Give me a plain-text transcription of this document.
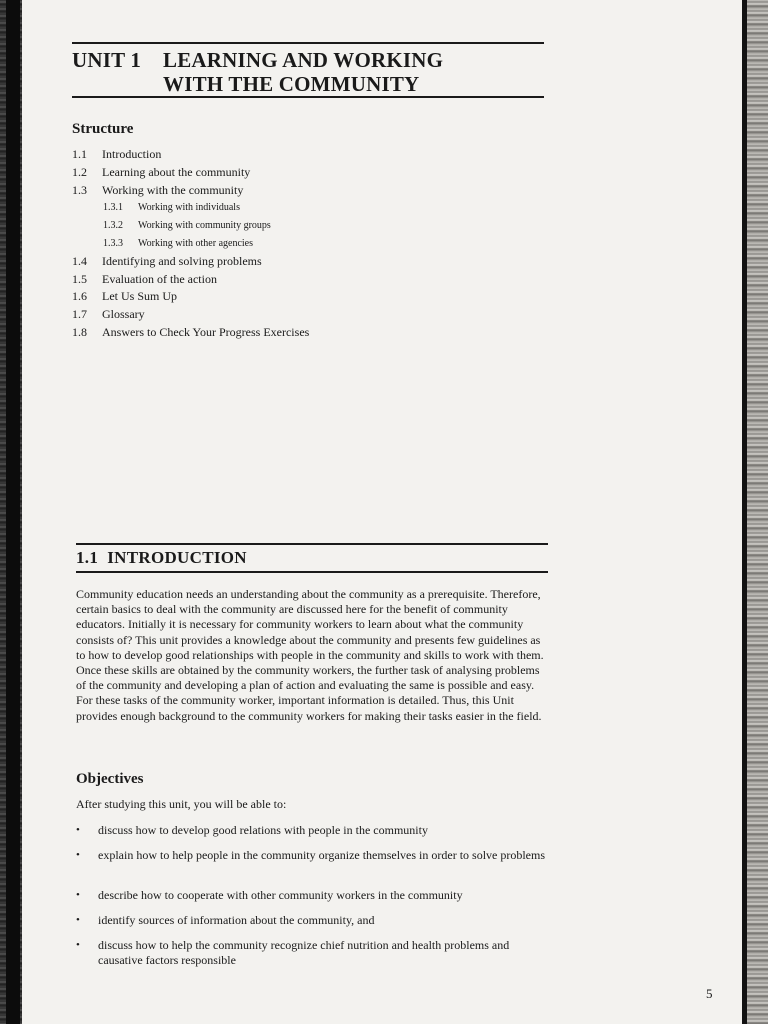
UNIT 1 LEARNING AND WORKING
WITH THE COMMUNITY
Structure
1.1 Introduction
1.2 Learning about the community
1.3 Working with the community
1.3.1 Working with individuals
1.3.2 Working with community groups
1.3.3 Working with other agencies
1.4 Identifying and solving problems
1.5 Evaluation of the action
1.6 Let Us Sum Up
1.7 Glossary
1.8 Answers to Check Your Progress Exercises
1.1  INTRODUCTION
Community education needs an understanding about the community as a prerequisite. Therefore, certain basics to deal with the community are discussed here for the benefit of community educators. Initially it is necessary for community workers to learn about what the community consists of? This unit provides a knowledge about the community and presents few guidelines as to how to develop good relationships with people in the community and skills to work with them. Once these skills are obtained by the community workers, the further task of analysing problems of the community and developing a plan of action and evaluating the same is possible and easy. For these tasks of the community worker, important information is detailed. Thus, this Unit provides enough background to the community workers for making their tasks easier in the field.
Objectives
After studying this unit, you will be able to:
• discuss how to develop good relations with people in the community
• explain how to help people in the community organize themselves in order to solve problems
• describe how to cooperate with other community workers in the community
• identify sources of information about the community, and
• discuss how to help the community recognize chief nutrition and health problems and causative factors responsible
5
